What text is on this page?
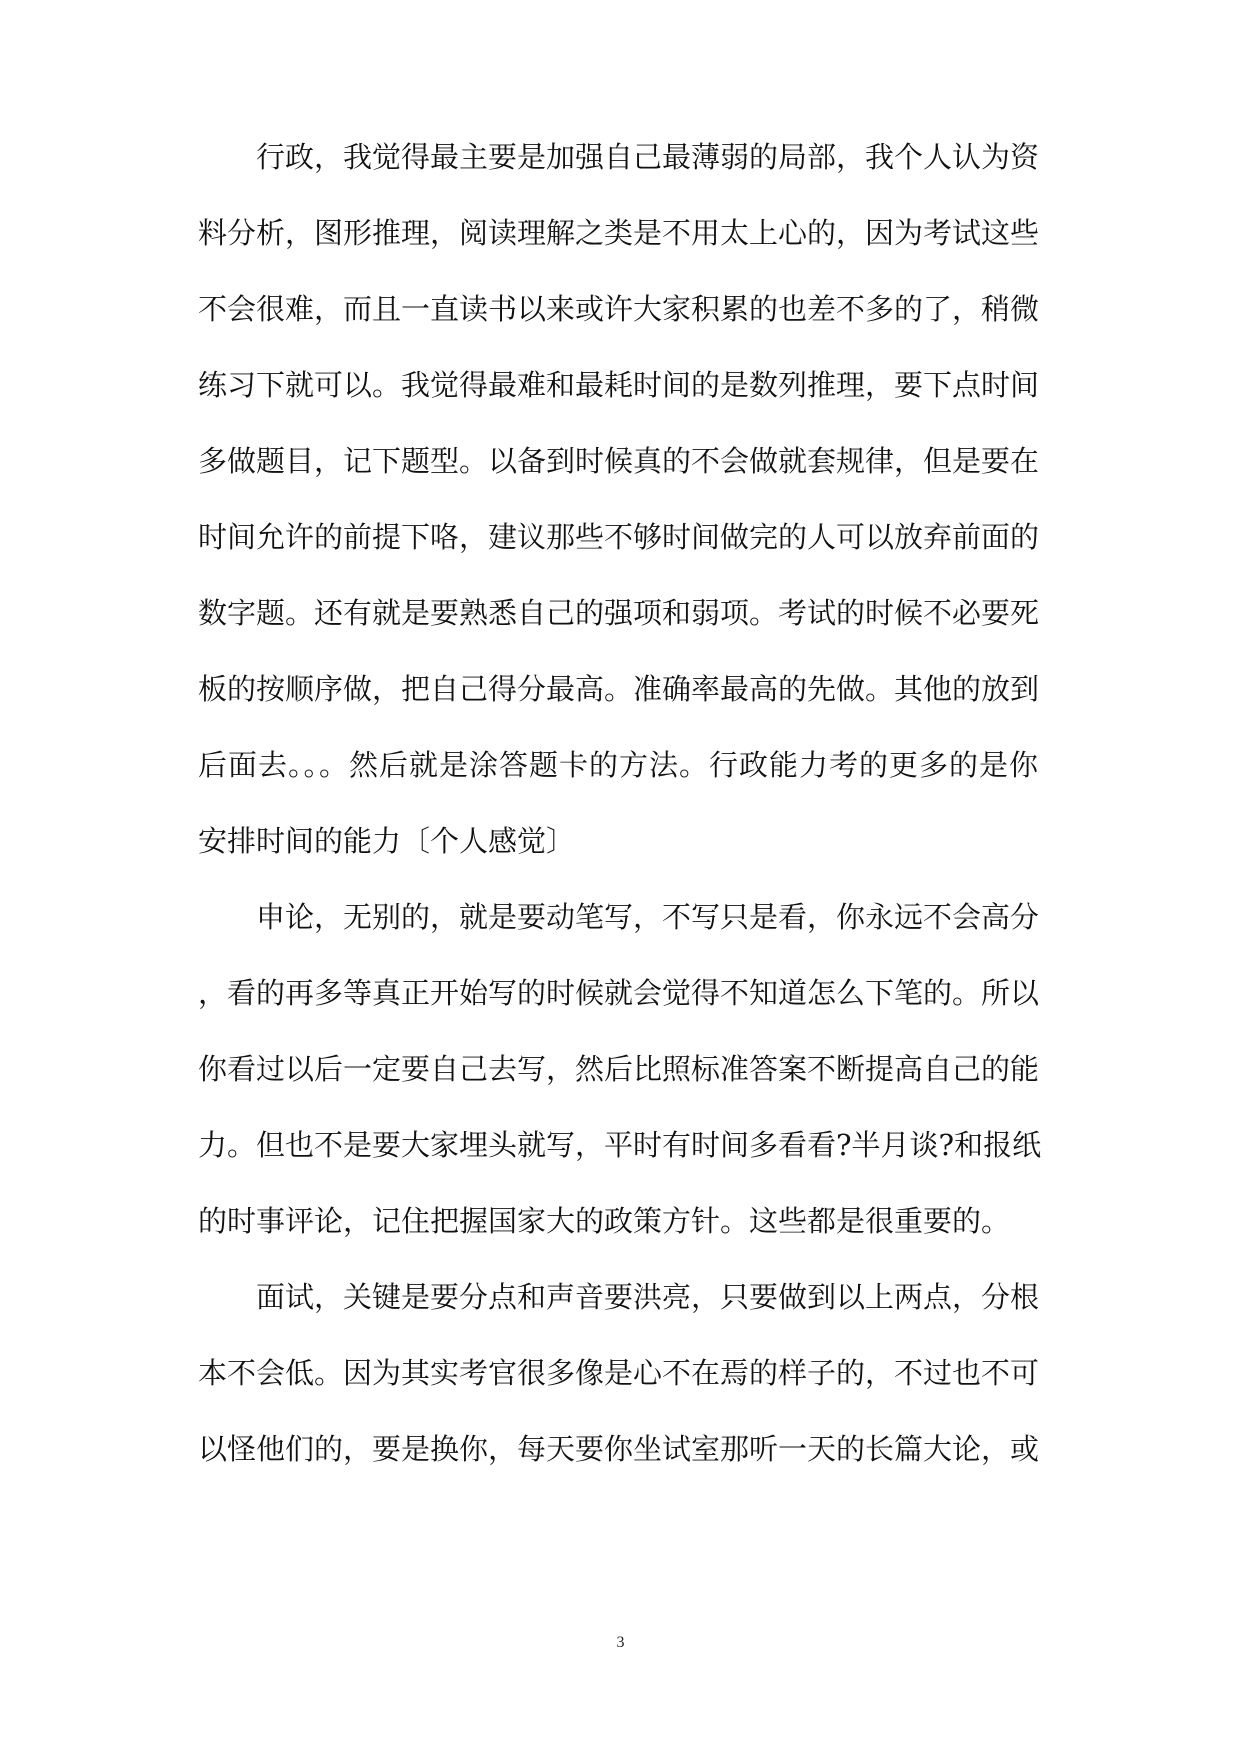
行政，我觉得最主要是加强自己最薄弱的局部，我个人认为资
料分析，图形推理，阅读理解之类是不用太上心的，因为考试这些
不会很难，而且一直读书以来或许大家积累的也差不多的了，稍微
练习下就可以。我觉得最难和最耗时间的是数列推理，要下点时间
多做题目，记下题型。以备到时候真的不会做就套规律，但是要在
时间允许的前提下咯，建议那些不够时间做完的人可以放弃前面的
数字题。还有就是要熟悉自己的强项和弱项。考试的时候不必要死
板的按顺序做，把自己得分最高。准确率最高的先做。其他的放到
后面去。。。然后就是涂答题卡的方法。行政能力考的更多的是你
安排时间的能力〔个人感觉〕
申论，无别的，就是要动笔写，不写只是看，你永远不会高分
，看的再多等真正开始写的时候就会觉得不知道怎么下笔的。所以
你看过以后一定要自己去写，然后比照标准答案不断提高自己的能
力。但也不是要大家埋头就写，平时有时间多看看?半月谈?和报纸
的时事评论，记住把握国家大的政策方针。这些都是很重要的。
面试，关键是要分点和声音要洪亮，只要做到以上两点，分根
本不会低。因为其实考官很多像是心不在焉的样子的，不过也不可
以怪他们的，要是换你，每天要你坐试室那听一天的长篇大论，或
3
